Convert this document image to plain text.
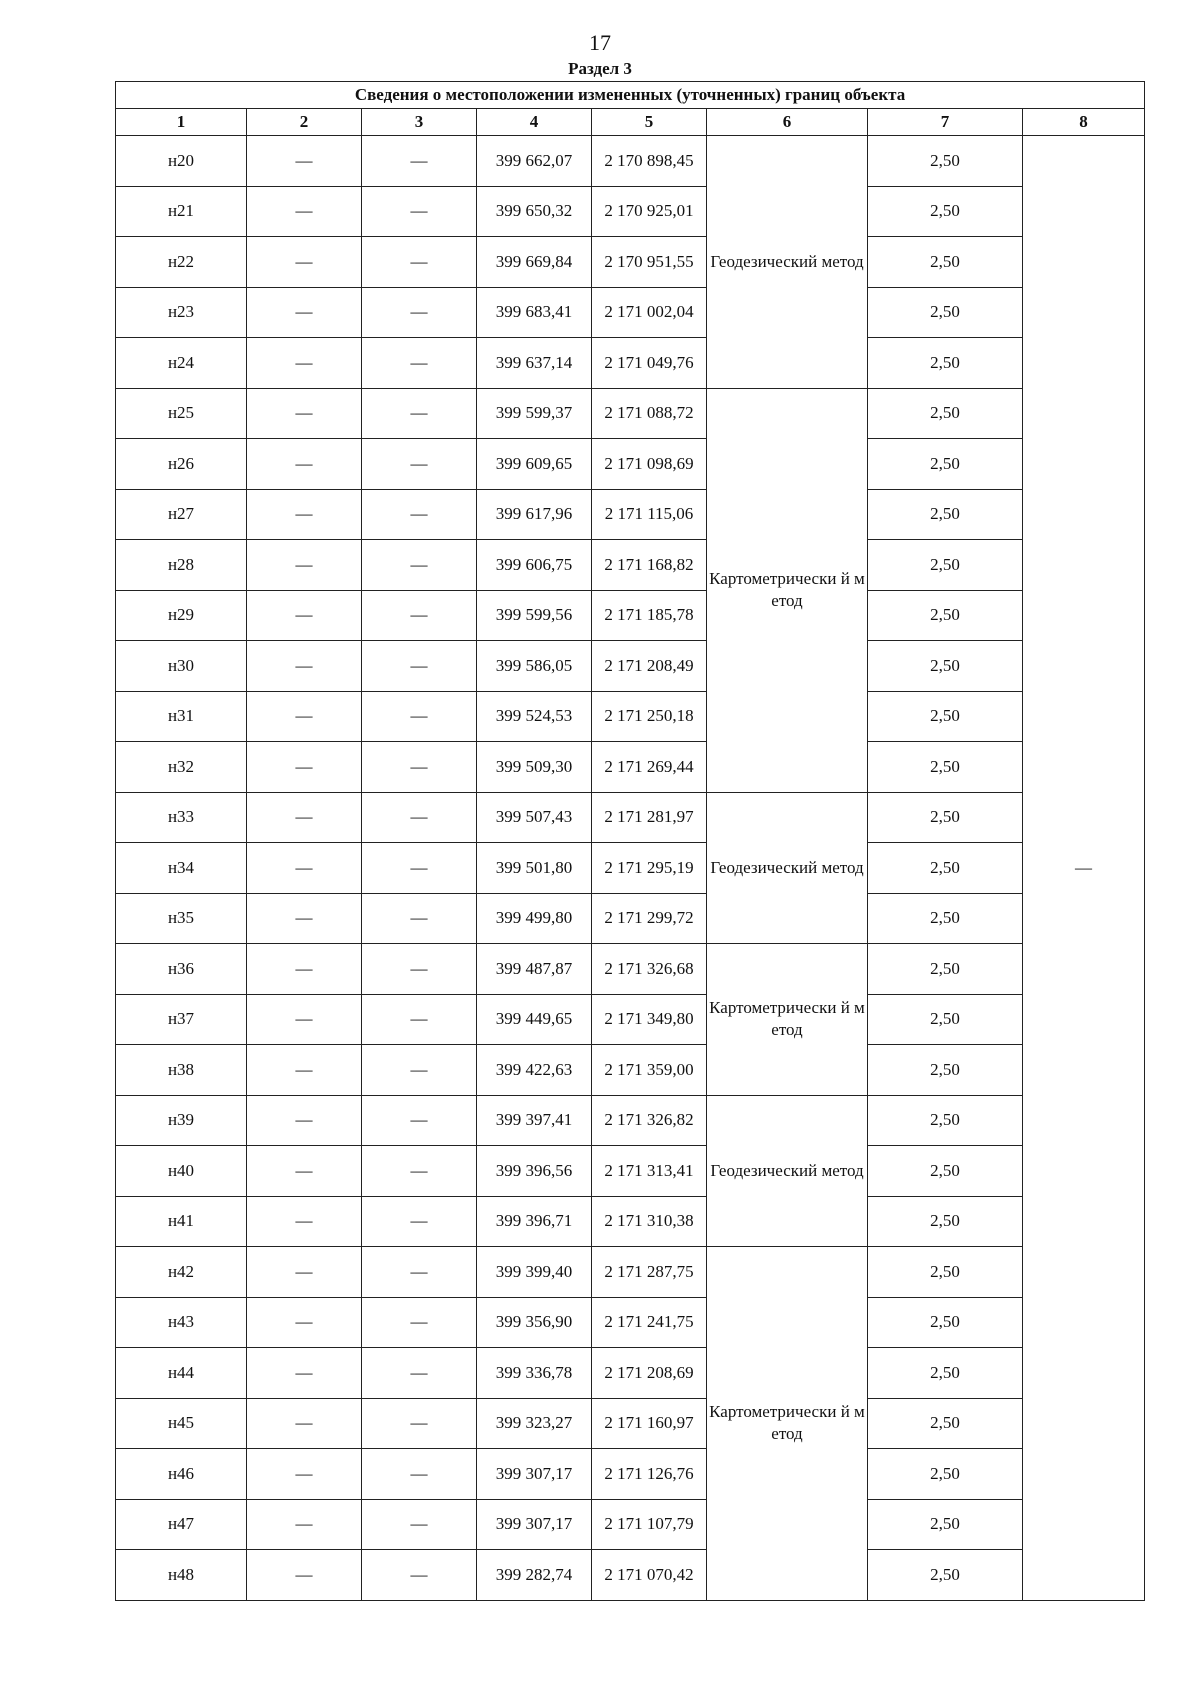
17
Раздел 3
Сведения о местоположении измененных (уточненных) границ объекта							
1	2	3	4	5	6	7	8
н20	—	—	399 662,07	2 170 898,45	Геодезический метод	2,50	—
н21	—	—	399 650,32	2 170 925,01		2,50	
н22	—	—	399 669,84	2 170 951,55		2,50	
н23	—	—	399 683,41	2 171 002,04		2,50	
н24	—	—	399 637,14	2 171 049,76		2,50	
н25	—	—	399 599,37	2 171 088,72	Картометрически й метод	2,50	
н26	—	—	399 609,65	2 171 098,69		2,50	
н27	—	—	399 617,96	2 171 115,06		2,50	
н28	—	—	399 606,75	2 171 168,82		2,50	
н29	—	—	399 599,56	2 171 185,78		2,50	
н30	—	—	399 586,05	2 171 208,49		2,50	
н31	—	—	399 524,53	2 171 250,18		2,50	
н32	—	—	399 509,30	2 171 269,44		2,50	
н33	—	—	399 507,43	2 171 281,97	Геодезический метод	2,50	
н34	—	—	399 501,80	2 171 295,19		2,50	
н35	—	—	399 499,80	2 171 299,72		2,50	
н36	—	—	399 487,87	2 171 326,68	Картометрически й метод	2,50	
н37	—	—	399 449,65	2 171 349,80		2,50	
н38	—	—	399 422,63	2 171 359,00		2,50	
н39	—	—	399 397,41	2 171 326,82	Геодезический метод	2,50	
н40	—	—	399 396,56	2 171 313,41		2,50	
н41	—	—	399 396,71	2 171 310,38		2,50	
н42	—	—	399 399,40	2 171 287,75	Картометрически й метод	2,50	
н43	—	—	399 356,90	2 171 241,75		2,50	
н44	—	—	399 336,78	2 171 208,69		2,50	
н45	—	—	399 323,27	2 171 160,97		2,50	
н46	—	—	399 307,17	2 171 126,76		2,50	
н47	—	—	399 307,17	2 171 107,79		2,50	
н48	—	—	399 282,74	2 171 070,42		2,50	
